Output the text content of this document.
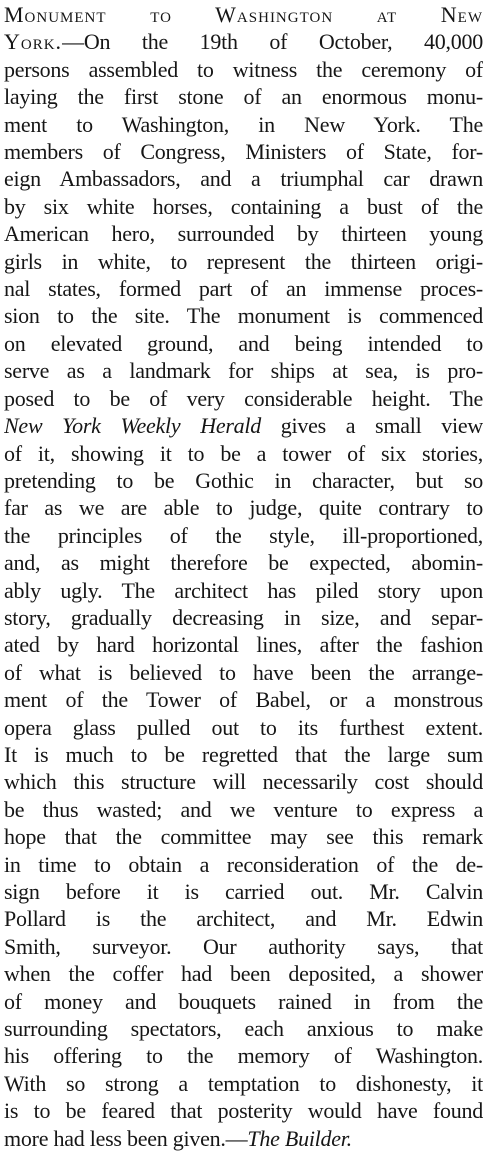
Monument to Washington at New
York.—On the 19th of October, 40,000
persons assembled to witness the ceremony of
laying the first stone of an enormous monu-
ment to Washington, in New York. The
members of Congress, Ministers of State, for-
eign Ambassadors, and a triumphal car drawn
by six white horses, containing a bust of the
American hero, surrounded by thirteen young
girls in white, to represent the thirteen origi-
nal states, formed part of an immense proces-
sion to the site. The monument is commenced
on elevated ground, and being intended to
serve as a landmark for ships at sea, is pro-
posed to be of very considerable height. The
New York Weekly Herald gives a small view
of it, showing it to be a tower of six stories,
pretending to be Gothic in character, but so
far as we are able to judge, quite contrary to
the principles of the style, ill-proportioned,
and, as might therefore be expected, abomin-
ably ugly. The architect has piled story upon
story, gradually decreasing in size, and separ-
ated by hard horizontal lines, after the fashion
of what is believed to have been the arrange-
ment of the Tower of Babel, or a monstrous
opera glass pulled out to its furthest extent.
It is much to be regretted that the large sum
which this structure will necessarily cost should
be thus wasted; and we venture to express a
hope that the committee may see this remark
in time to obtain a reconsideration of the de-
sign before it is carried out. Mr. Calvin
Pollard is the architect, and Mr. Edwin
Smith, surveyor. Our authority says, that
when the coffer had been deposited, a shower
of money and bouquets rained in from the
surrounding spectators, each anxious to make
his offering to the memory of Washington.
With so strong a temptation to dishonesty, it
is to be feared that posterity would have found
more had less been given.—The Builder.
